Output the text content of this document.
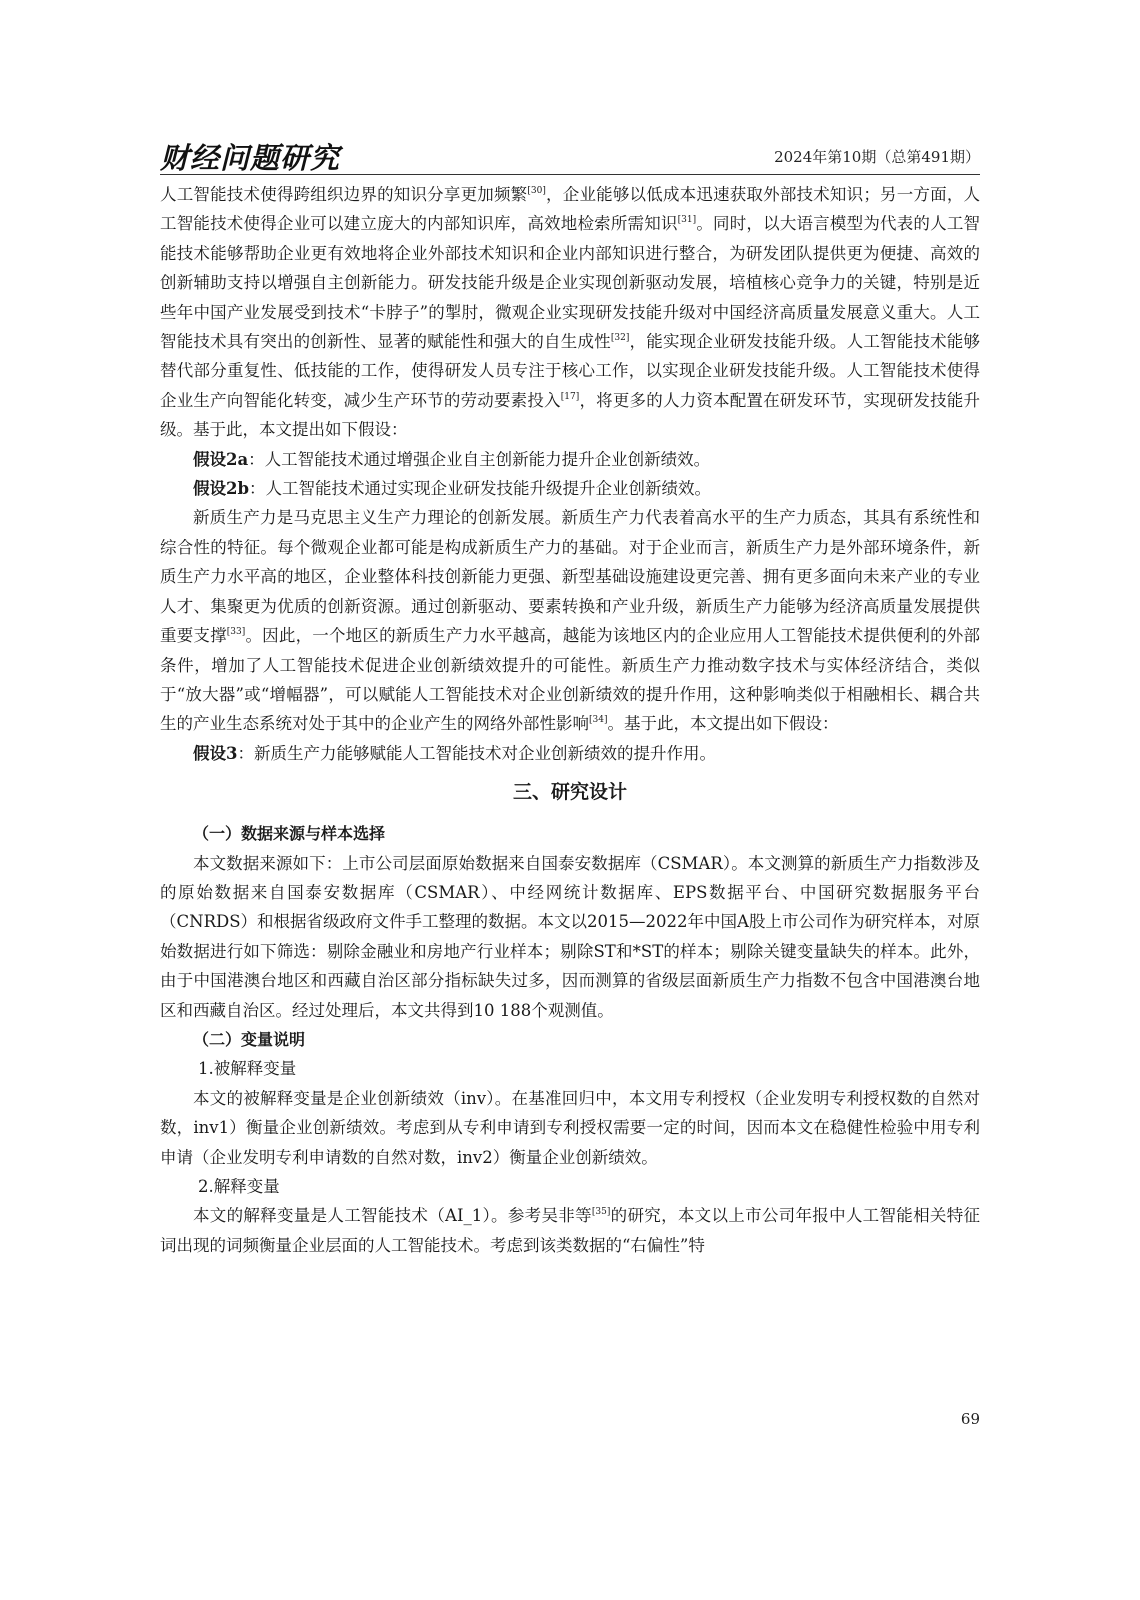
财经问题研究	2024年第10期（总第491期）

人工智能技术使得跨组织边界的知识分享更加频繁[30]，企业能够以低成本迅速获取外部技术知识；另一方面，人工智能技术使得企业可以建立庞大的内部知识库，高效地检索所需知识[31]。同时，以大语言模型为代表的人工智能技术能够帮助企业更有效地将企业外部技术知识和企业内部知识进行整合，为研发团队提供更为便捷、高效的创新辅助支持以增强自主创新能力。研发技能升级是企业实现创新驱动发展，培植核心竞争力的关键，特别是近些年中国产业发展受到技术“卡脖子”的掣肘，微观企业实现研发技能升级对中国经济高质量发展意义重大。人工智能技术具有突出的创新性、显著的赋能性和强大的自生成性[32]，能实现企业研发技能升级。人工智能技术能够替代部分重复性、低技能的工作，使得研发人员专注于核心工作，以实现企业研发技能升级。人工智能技术使得企业生产向智能化转变，减少生产环节的劳动要素投入[17]，将更多的人力资本配置在研发环节，实现研发技能升级。基于此，本文提出如下假设：

假设2a：人工智能技术通过增强企业自主创新能力提升企业创新绩效。

假设2b：人工智能技术通过实现企业研发技能升级提升企业创新绩效。

新质生产力是马克思主义生产力理论的创新发展。新质生产力代表着高水平的生产力质态，其具有系统性和综合性的特征。每个微观企业都可能是构成新质生产力的基础。对于企业而言，新质生产力是外部环境条件，新质生产力水平高的地区，企业整体科技创新能力更强、新型基础设施建设更完善、拥有更多面向未来产业的专业人才、集聚更为优质的创新资源。通过创新驱动、要素转换和产业升级，新质生产力能够为经济高质量发展提供重要支撑[33]。因此，一个地区的新质生产力水平越高，越能为该地区内的企业应用人工智能技术提供便利的外部条件，增加了人工智能技术促进企业创新绩效提升的可能性。新质生产力推动数字技术与实体经济结合，类似于“放大器”或“增幅器”，可以赋能人工智能技术对企业创新绩效的提升作用，这种影响类似于相融相长、耦合共生的产业生态系统对处于其中的企业产生的网络外部性影响[34]。基于此，本文提出如下假设：

假设3：新质生产力能够赋能人工智能技术对企业创新绩效的提升作用。

三、研究设计
（一）数据来源与样本选择

本文数据来源如下：上市公司层面原始数据来自国泰安数据库（CSMAR）。本文测算的新质生产力指数涉及的原始数据来自国泰安数据库（CSMAR）、中经网统计数据库、EPS数据平台、中国研究数据服务平台（CNRDS）和根据省级政府文件手工整理的数据。本文以2015—2022年中国A股上市公司作为研究样本，对原始数据进行如下筛选：剔除金融业和房地产行业样本；剔除ST和*ST的样本；剔除关键变量缺失的样本。此外，由于中国港澳台地区和西藏自治区部分指标缺失过多，因而测算的省级层面新质生产力指数不包含中国港澳台地区和西藏自治区。经过处理后，本文共得到10 188个观测值。

（二）变量说明
1.被解释变量

本文的被解释变量是企业创新绩效（inv）。在基准回归中，本文用专利授权（企业发明专利授权数的自然对数，inv1）衡量企业创新绩效。考虑到从专利申请到专利授权需要一定的时间，因而本文在稳健性检验中用专利申请（企业发明专利申请数的自然对数，inv2）衡量企业创新绩效。

2.解释变量

本文的解释变量是人工智能技术（AI_1）。参考吴非等[35]的研究，本文以上市公司年报中人工智能相关特征词出现的词频衡量企业层面的人工智能技术。考虑到该类数据的“右偏性”特

69
